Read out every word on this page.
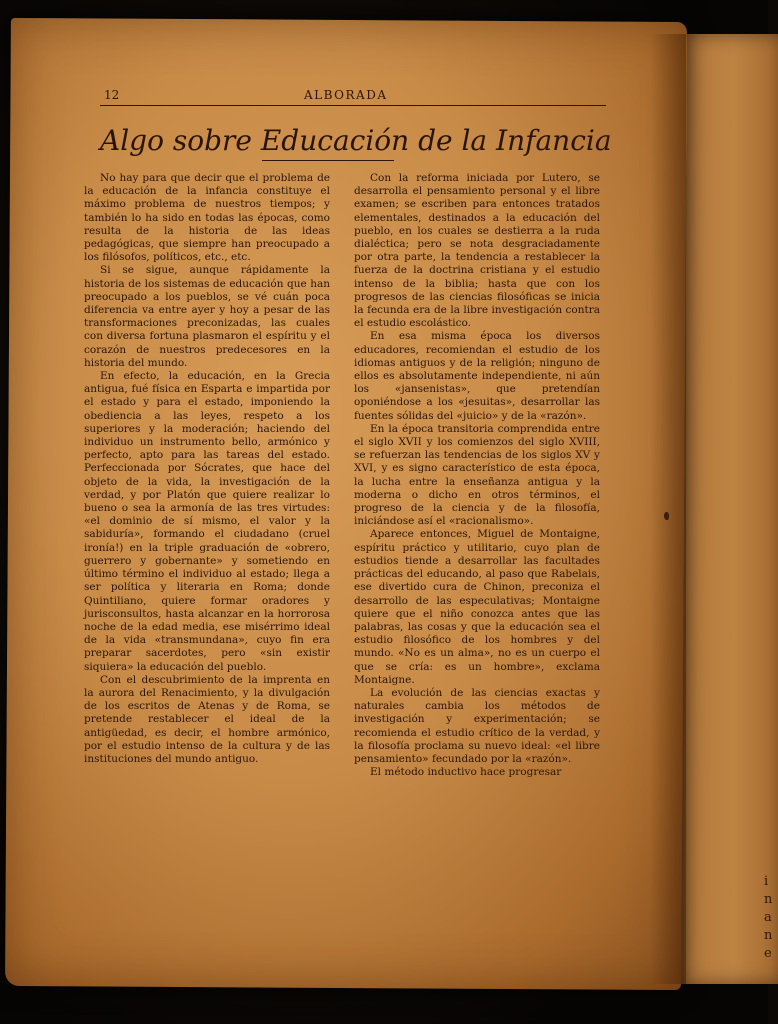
i
n
a
n
e
12	ALBORADA
Algo sobre Educación de la Infancia

No hay para que decir que el problema de la educación de la infancia constituye el máximo problema de nuestros tiempos; y también lo ha sido en todas las épocas, como resulta de la historia de las ideas pedagógicas, que siempre han preocupado a los filósofos, políticos, etc., etc.

Si se sigue, aunque rápidamente la historia de los sistemas de educación que han preocupado a los pueblos, se vé cuán poca diferencia va entre ayer y hoy a pesar de las transformaciones preconizadas, las cuales con diversa fortuna plasmaron el espíritu y el corazón de nuestros predecesores en la historia del mundo.

En efecto, la educación, en la Grecia antigua, fué física en Esparta e impartida por el estado y para el estado, imponiendo la obediencia a las leyes, respeto a los superiores y la moderación; haciendo del individuo un instrumento bello, armónico y perfecto, apto para las tareas del estado. Perfeccionada por Sócrates, que hace del objeto de la vida, la investigación de la verdad, y por Platón que quiere realizar lo bueno o sea la armonía de las tres virtudes: «el dominio de sí mismo, el valor y la sabiduría», formando el ciudadano (cruel ironía!) en la triple graduación de «obrero, guerrero y gobernante» y sometiendo en último término el individuo al estado; llega a ser política y literaria en Roma; donde Quintiliano, quiere formar oradores y jurisconsultos, hasta alcanzar en la horrorosa noche de la edad media, ese misérrimo ideal de la vida «transmundana», cuyo fin era preparar sacerdotes, pero «sin existir siquiera» la educación del pueblo.

Con el descubrimiento de la imprenta en la aurora del Renacimiento, y la divulgación de los escritos de Atenas y de Roma, se pretende restablecer el ideal de la antigüedad, es decir, el hombre armónico, por el estudio intenso de la cultura y de las instituciones del mundo antiguo.

Con la reforma iniciada por Lutero, se desarrolla el pensamiento personal y el libre examen; se escriben para entonces tratados elementales, destinados a la educación del pueblo, en los cuales se destierra a la ruda dialéctica; pero se nota desgraciadamente por otra parte, la tendencia a restablecer la fuerza de la doctrina cristiana y el estudio intenso de la biblia; hasta que con los progresos de las ciencias filosóficas se inicia la fecunda era de la libre investigación contra el estudio escolástico.

En esa misma época los diversos educadores, recomiendan el estudio de los idiomas antiguos y de la religión; ninguno de ellos es absolutamente independiente, ni aún los «jansenistas», que pretendían oponiéndose a los «jesuitas», desarrollar las fuentes sólidas del «juicio» y de la «razón».

En la época transitoria comprendida entre el siglo XVII y los comienzos del siglo XVIII, se refuerzan las tendencias de los siglos XV y XVI, y es signo característico de esta época, la lucha entre la enseñanza antigua y la moderna o dicho en otros términos, el progreso de la ciencia y de la filosofía, iniciándose así el «racionalismo».

Aparece entonces, Miguel de Montaigne, espíritu práctico y utilitario, cuyo plan de estudios tiende a desarrollar las facultades prácticas del educando, al paso que Rabelais, ese divertido cura de Chinon, preconiza el desarrollo de las especulativas; Montaigne quiere que el niño conozca antes que las palabras, las cosas y que la educación sea el estudio filosófico de los hombres y del mundo. «No es un alma», no es un cuerpo el que se cría: es un hombre», exclama Montaigne.

La evolución de las ciencias exactas y naturales cambia los métodos de investigación y experimentación; se recomienda el estudio crítico de la verdad, y la filosofía proclama su nuevo ideal: «el libre pensamiento» fecundado por la «razón».

El método inductivo hace progresar
